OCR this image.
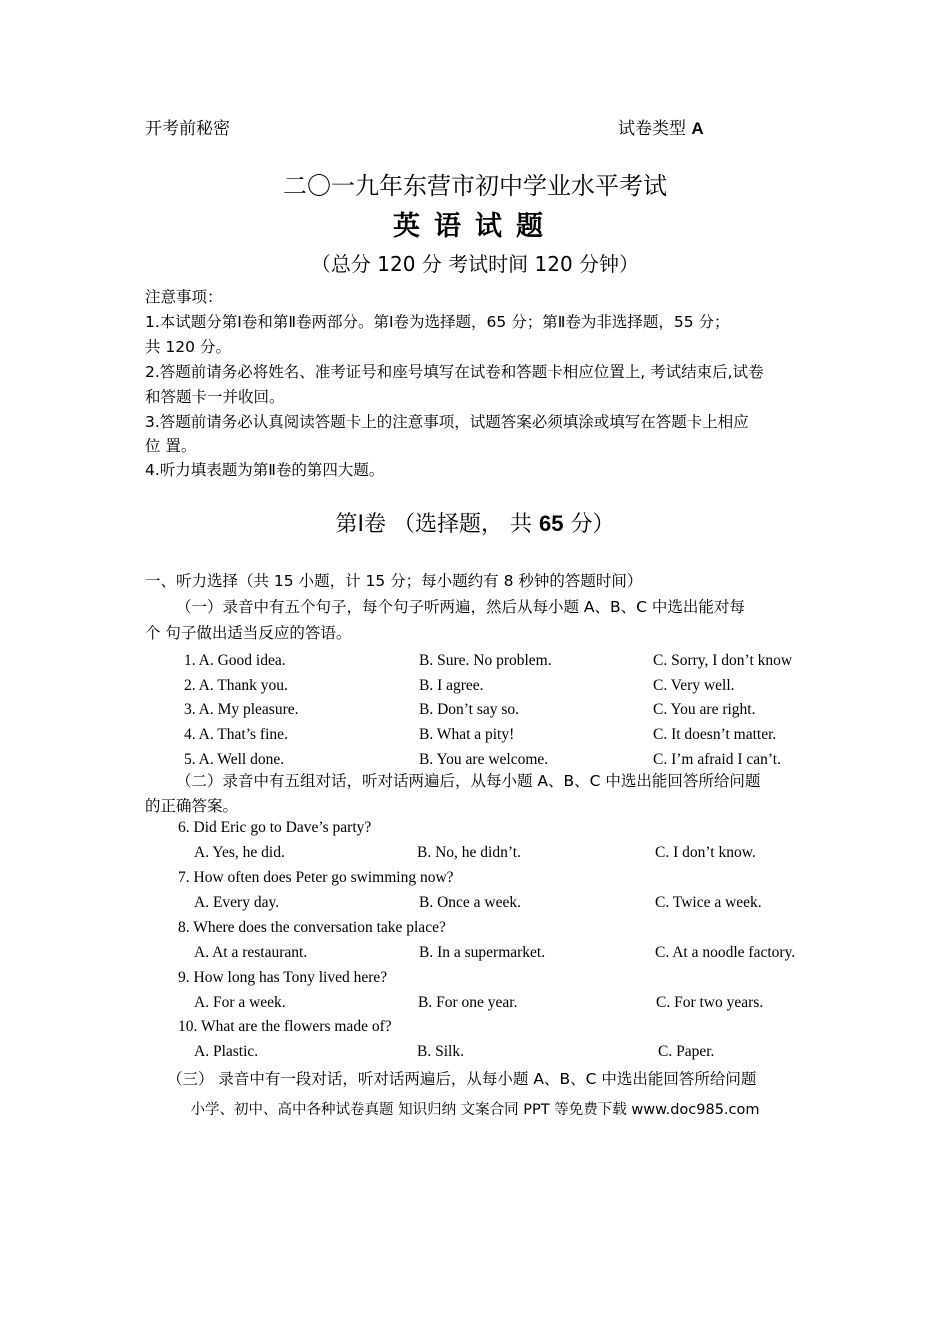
开考前秘密	试卷类型 A
二〇一九年东营市初中学业水平考试
英语试题
（总分 120 分 考试时间 120 分钟）
注意事项：
1.本试题分第Ⅰ卷和第Ⅱ卷两部分。第Ⅰ卷为选择题，65 分；第Ⅱ卷为非选择题，55 分；
共 120 分。
2.答题前请务必将姓名、准考证号和座号填写在试卷和答题卡相应位置上, 考试结束后,试卷
和答题卡一并收回。
3.答题前请务必认真阅读答题卡上的注意事项，试题答案必须填涂或填写在答题卡上相应
位 置。
4.听力填表题为第Ⅱ卷的第四大题。
第Ⅰ卷 （选择题， 共 65 分）
一、听力选择（共 15 小题，计 15 分；每小题约有 8 秒钟的答题时间）
（一）录音中有五个句子，每个句子听两遍，然后从每小题 A、B、C 中选出能对每
个 句子做出适当反应的答语。
1. A. Good idea.	B. Sure. No problem.	C. Sorry, I don’t know
2. A. Thank you.	B. I agree.	C. Very well.
3. A. My pleasure.	B. Don’t say so.	C. You are right.
4. A. That’s fine.	B. What a pity!	C. It doesn’t matter.
5. A. Well done.	B. You are welcome.	C. I’m afraid I can’t.
（二）录音中有五组对话，听对话两遍后，从每小题 A、B、C 中选出能回答所给问题
的正确答案。
6. Did Eric go to Dave’s party?
A. Yes, he did.	B. No, he didn’t.	C. I don’t know.
7. How often does Peter go swimming now?
A. Every day.	B. Once a week.	C. Twice a week.
8. Where does the conversation take place?
A. At a restaurant.	B. In a supermarket.	C. At a noodle factory.
9. How long has Tony lived here?
A. For a week.	B. For one year.	C. For two years.
10. What are the flowers made of?
A. Plastic.	B. Silk.	C. Paper.
（三） 录音中有一段对话，听对话两遍后，从每小题 A、B、C 中选出能回答所给问题
小学、初中、高中各种试卷真题 知识归纳 文案合同 PPT 等免费下载 www.doc985.com
